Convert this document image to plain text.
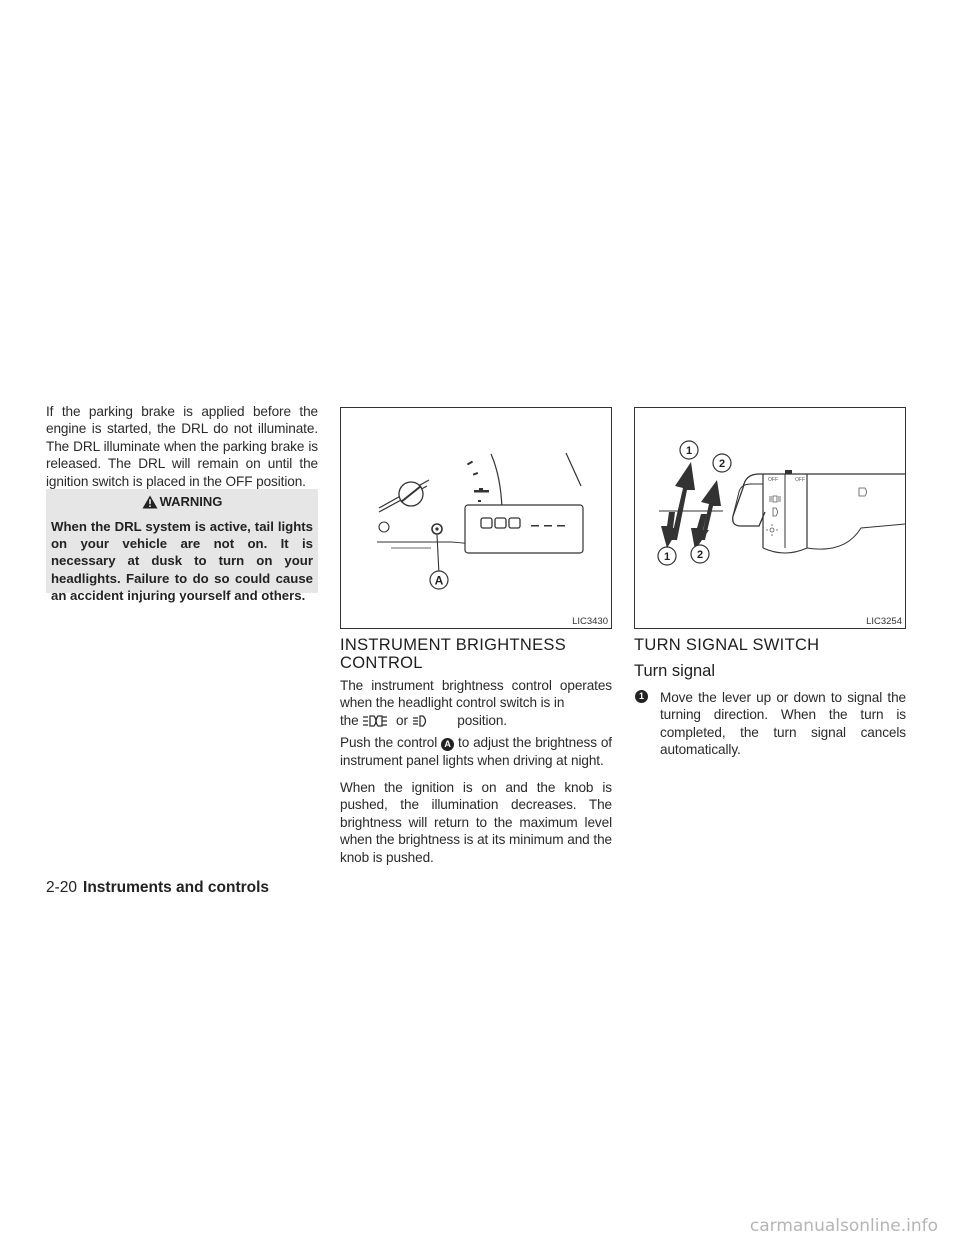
If the parking brake is applied before the engine is started, the DRL do not illuminate. The DRL illuminate when the parking brake is released. The DRL will remain on until the ignition switch is placed in the OFF position.

WARNING
When the DRL system is active, tail lights on your vehicle are not on. It is necessary at dusk to turn on your headlights. Failure to do so could cause an accident injuring yourself and others.
A
LIC3430
INSTRUMENT BRIGHTNESS
CONTROL

The instrument brightness control operates when the headlight control switch is in
the	or	position.

Push the control A to adjust the brightness of instrument panel lights when driving at night.

When the ignition is on and the knob is pushed, the illumination decreases. The brightness will return to the maximum level when the brightness is at its minimum and the knob is pushed.

1
2
1 2
OFF	OFF
LIC3254
TURN SIGNAL SWITCH
Turn signal
1 Move the lever up or down to signal the turning direction. When the turn is completed, the turn signal cancels automatically.

2-20 Instruments and controls
carmanualsonline.info
